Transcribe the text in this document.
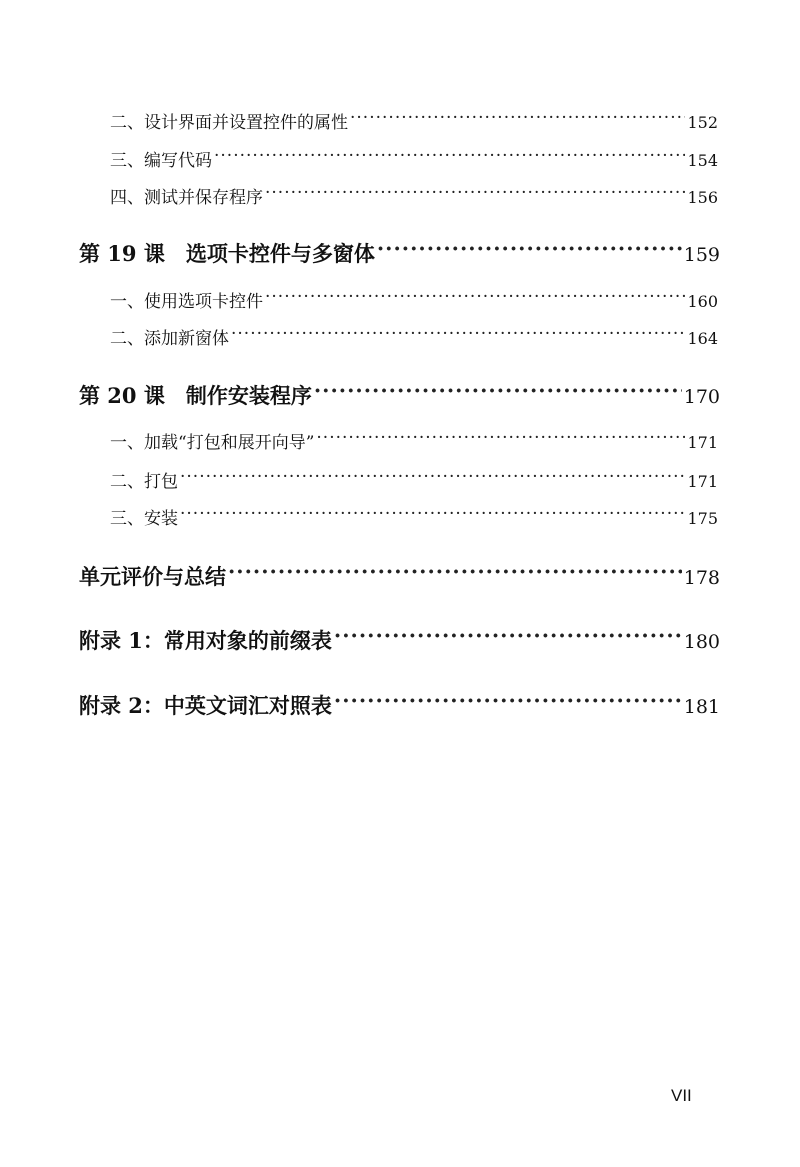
二、设计界面并设置控件的属性 ·····	152
三、编写代码 ·····	154
四、测试并保存程序 ·····	156
第 19 课　选项卡控件与多窗体 ·····	159
一、使用选项卡控件 ·····	160
二、添加新窗体 ·····	164
第 20 课　制作安装程序 ·····	170
一、加载“打包和展开向导” ·····	171
二、打包 ·····	171
三、安装 ·····	175
单元评价与总结 ·····	178
附录 1：常用对象的前缀表 ·····	180
附录 2：中英文词汇对照表 ·····	181
VII
